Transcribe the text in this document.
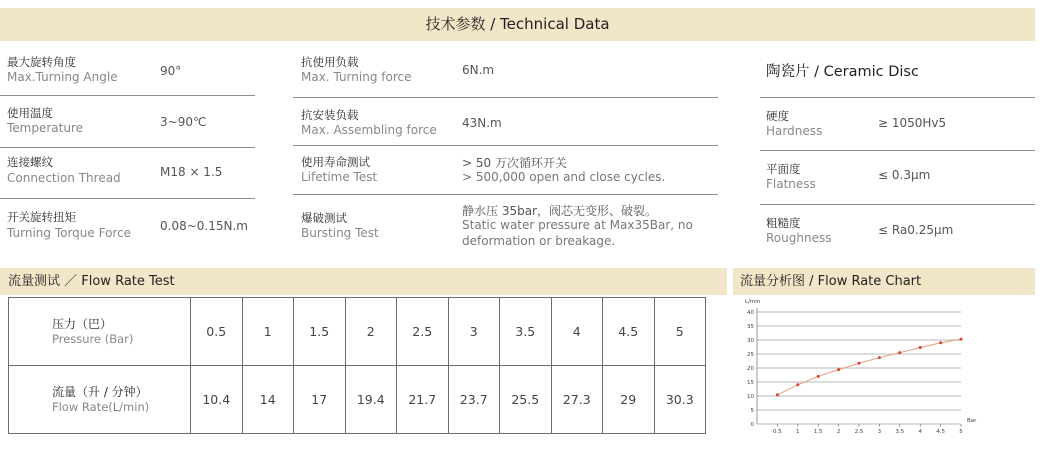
技术参数 / Technical Data
最大旋转角度
Max.Turning Angle	90°
使用温度
Temperature	3~90℃
连接螺纹
Connection Thread	M18 × 1.5
开关旋转扭矩
Turning Torque Force 0.08~0.15N.m
抗使用负载
Max. Turning force	6N.m
抗安装负载
Max. Assembling force 43N.m
使用寿命测试
Lifetime Test
> 50 万次循环开关
> 500,000 open and close cycles.
爆破测试
Bursting Test
静水压 35bar，阀芯无变形、破裂。
Static water pressure at Max35Bar, no
deformation or breakage.
陶瓷片 / Ceramic Disc
硬度
Hardness
≥ 1050Hv5
平面度
Flatness
≤ 0.3μm
粗糙度
Roughness
≤ Ra0.25μm
流量测试 ／ Flow Rate Test
压力（巴）
Pressure (Bar)	0.5	1	1.5	2	2.5	3	3.5	4	4.5	5

流量（升 / 分钟）
Flow Rate(L/min)	10.4	14	17	19.4	21.7	23.7	25.5	27.3	29	30.3
流量分析图 / Flow Rate Chart
0
5
10
15
20
25
30
35
40
L/min
0.5	1	1.5	2	2.5	3	3.5	4	4.5	5
Bar
